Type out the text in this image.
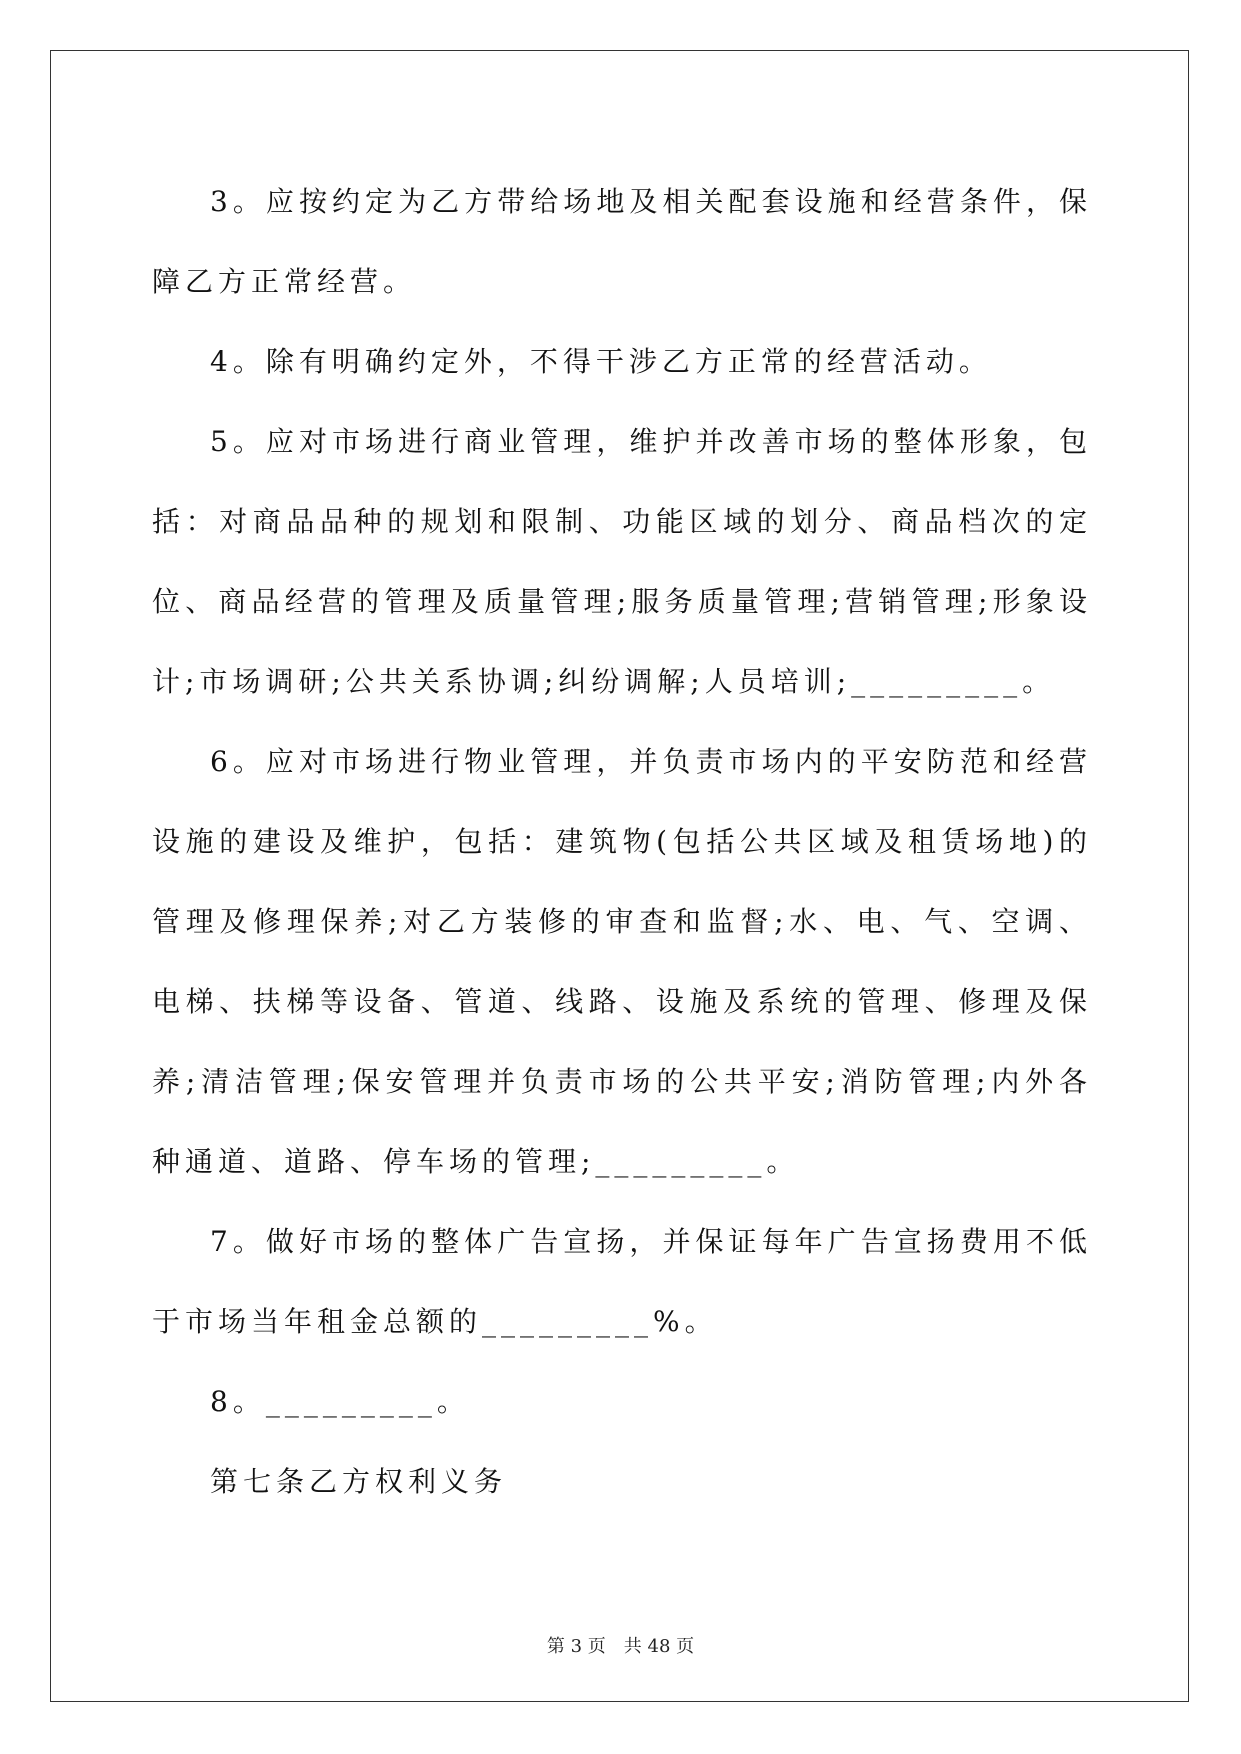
3。应按约定为乙方带给场地及相关配套设施和经营条件，保障乙方正常经营。

4。除有明确约定外，不得干涉乙方正常的经营活动。

5。应对市场进行商业管理，维护并改善市场的整体形象，包括：对商品品种的规划和限制、功能区域的划分、商品档次的定位、商品经营的管理及质量管理;服务质量管理;营销管理;形象设计;市场调研;公共关系协调;纠纷调解;人员培训;_________。

6。应对市场进行物业管理，并负责市场内的平安防范和经营设施的建设及维护，包括：建筑物(包括公共区域及租赁场地)的管理及修理保养;对乙方装修的审查和监督;水、电、气、空调、电梯、扶梯等设备、管道、线路、设施及系统的管理、修理及保养;清洁管理;保安管理并负责市场的公共平安;消防管理;内外各种通道、道路、停车场的管理;_________。

7。做好市场的整体广告宣扬，并保证每年广告宣扬费用不低于市场当年租金总额的_________%。

8。_________。

第七条乙方权利义务

第 3 页　共 48 页
